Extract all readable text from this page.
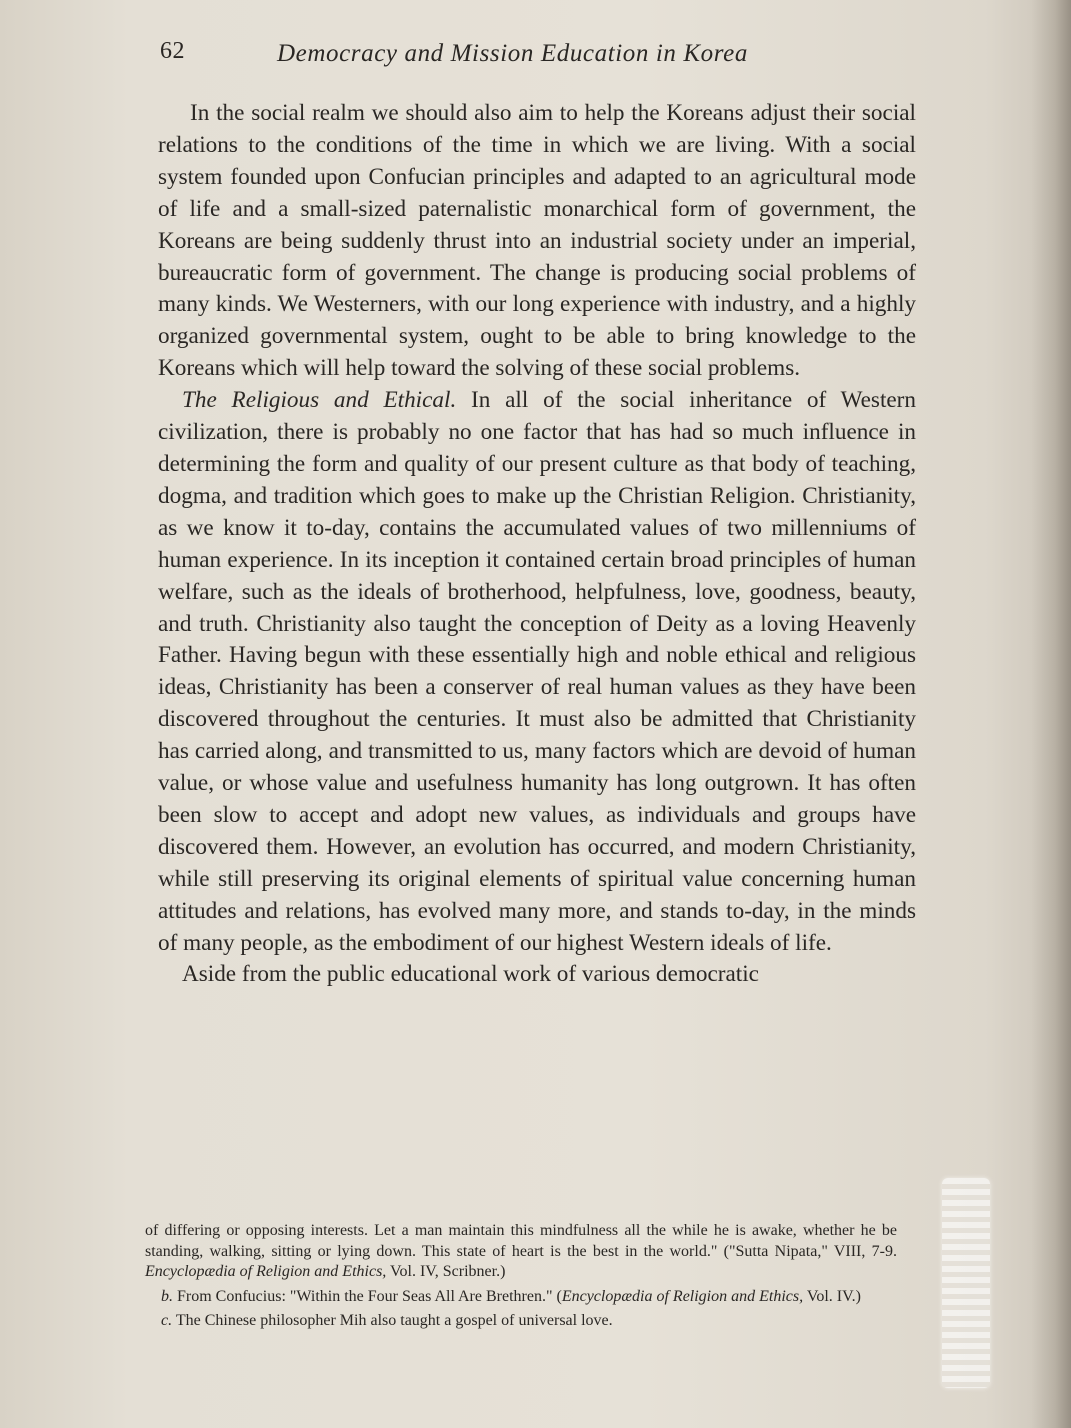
62	Democracy and Mission Education in Korea

In the social realm we should also aim to help the Koreans adjust their social relations to the conditions of the time in which we are living. With a social system founded upon Confucian principles and adapted to an agricultural mode of life and a small-sized paternalistic monarchical form of government, the Koreans are being suddenly thrust into an industrial society under an imperial, bureaucratic form of government. The change is producing social problems of many kinds. We Westerners, with our long experience with industry, and a highly organized governmental system, ought to be able to bring knowledge to the Koreans which will help toward the solving of these social problems.

The Religious and Ethical. In all of the social inheritance of Western civilization, there is probably no one factor that has had so much influence in determining the form and quality of our present culture as that body of teaching, dogma, and tradition which goes to make up the Christian Religion. Christianity, as we know it to-day, contains the accumulated values of two millenniums of human experience. In its inception it contained certain broad principles of human welfare, such as the ideals of brotherhood, helpfulness, love, goodness, beauty, and truth. Christianity also taught the conception of Deity as a loving Heavenly Father. Having begun with these essentially high and noble ethical and religious ideas, Christianity has been a conserver of real human values as they have been discovered throughout the centuries. It must also be admitted that Christianity has carried along, and transmitted to us, many factors which are devoid of human value, or whose value and usefulness humanity has long outgrown. It has often been slow to accept and adopt new values, as individuals and groups have discovered them. However, an evolution has occurred, and modern Christianity, while still preserving its original elements of spiritual value concerning human attitudes and relations, has evolved many more, and stands to-day, in the minds of many people, as the embodiment of our highest Western ideals of life.

Aside from the public educational work of various democratic

of differing or opposing interests. Let a man maintain this mindfulness all the while he is awake, whether he be standing, walking, sitting or lying down. This state of heart is the best in the world." ("Sutta Nipata," VIII, 7-9. Encyclopædia of Religion and Ethics, Vol. IV, Scribner.)

b. From Confucius: "Within the Four Seas All Are Brethren." (Encyclopædia of Religion and Ethics, Vol. IV.)

c. The Chinese philosopher Mih also taught a gospel of universal love.
